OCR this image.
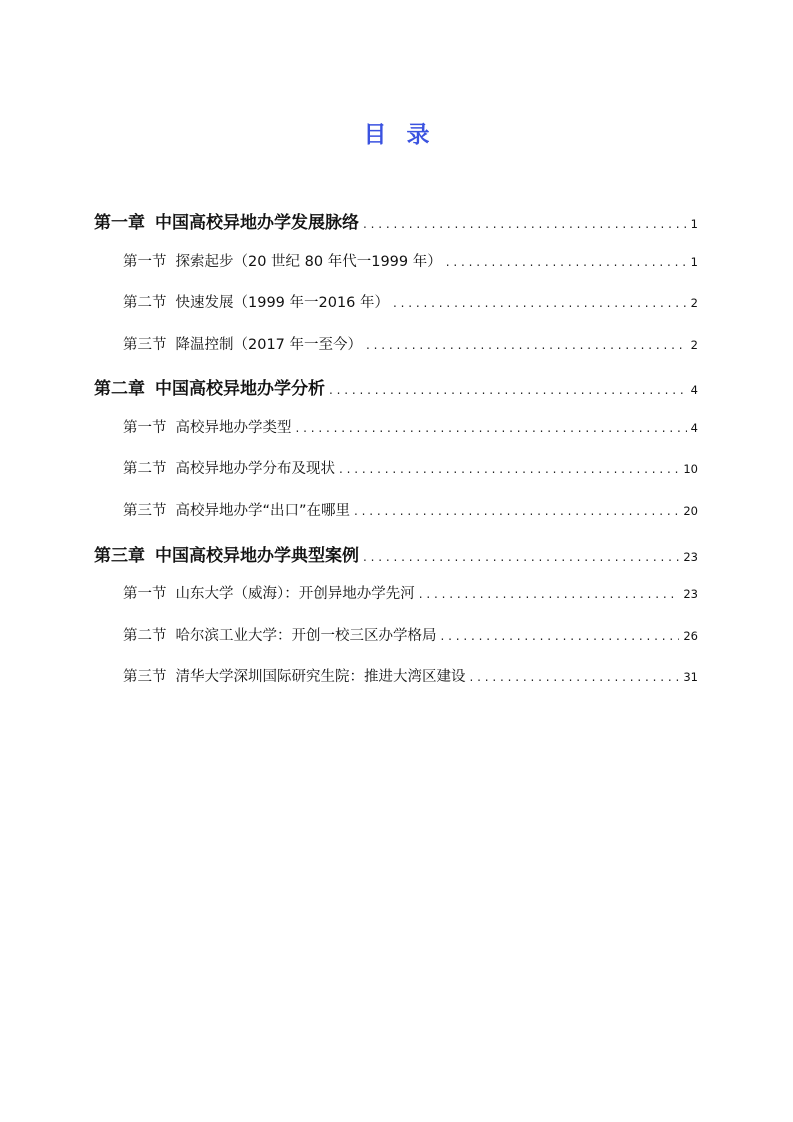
目录
第一章 中国高校异地办学发展脉络 . . .	1
第一节 探索起步（20 世纪 80 年代一1999 年） . . .	1
第二节 快速发展（1999 年一2016 年） . . .	2
第三节 降温控制（2017 年一至今） . . .	2
第二章 中国高校异地办学分析 . . .	4
第一节 高校异地办学类型 . . .	4
第二节 高校异地办学分布及现状 . . .	10
第三节 高校异地办学“出口”在哪里 . . .	20
第三章 中国高校异地办学典型案例 . . .	23
第一节 山东大学（威海）：开创异地办学先河 . . .	23
第二节 哈尔滨工业大学：开创一校三区办学格局 . . .	26
第三节 清华大学深圳国际研究生院：推进大湾区建设 . . .	31
